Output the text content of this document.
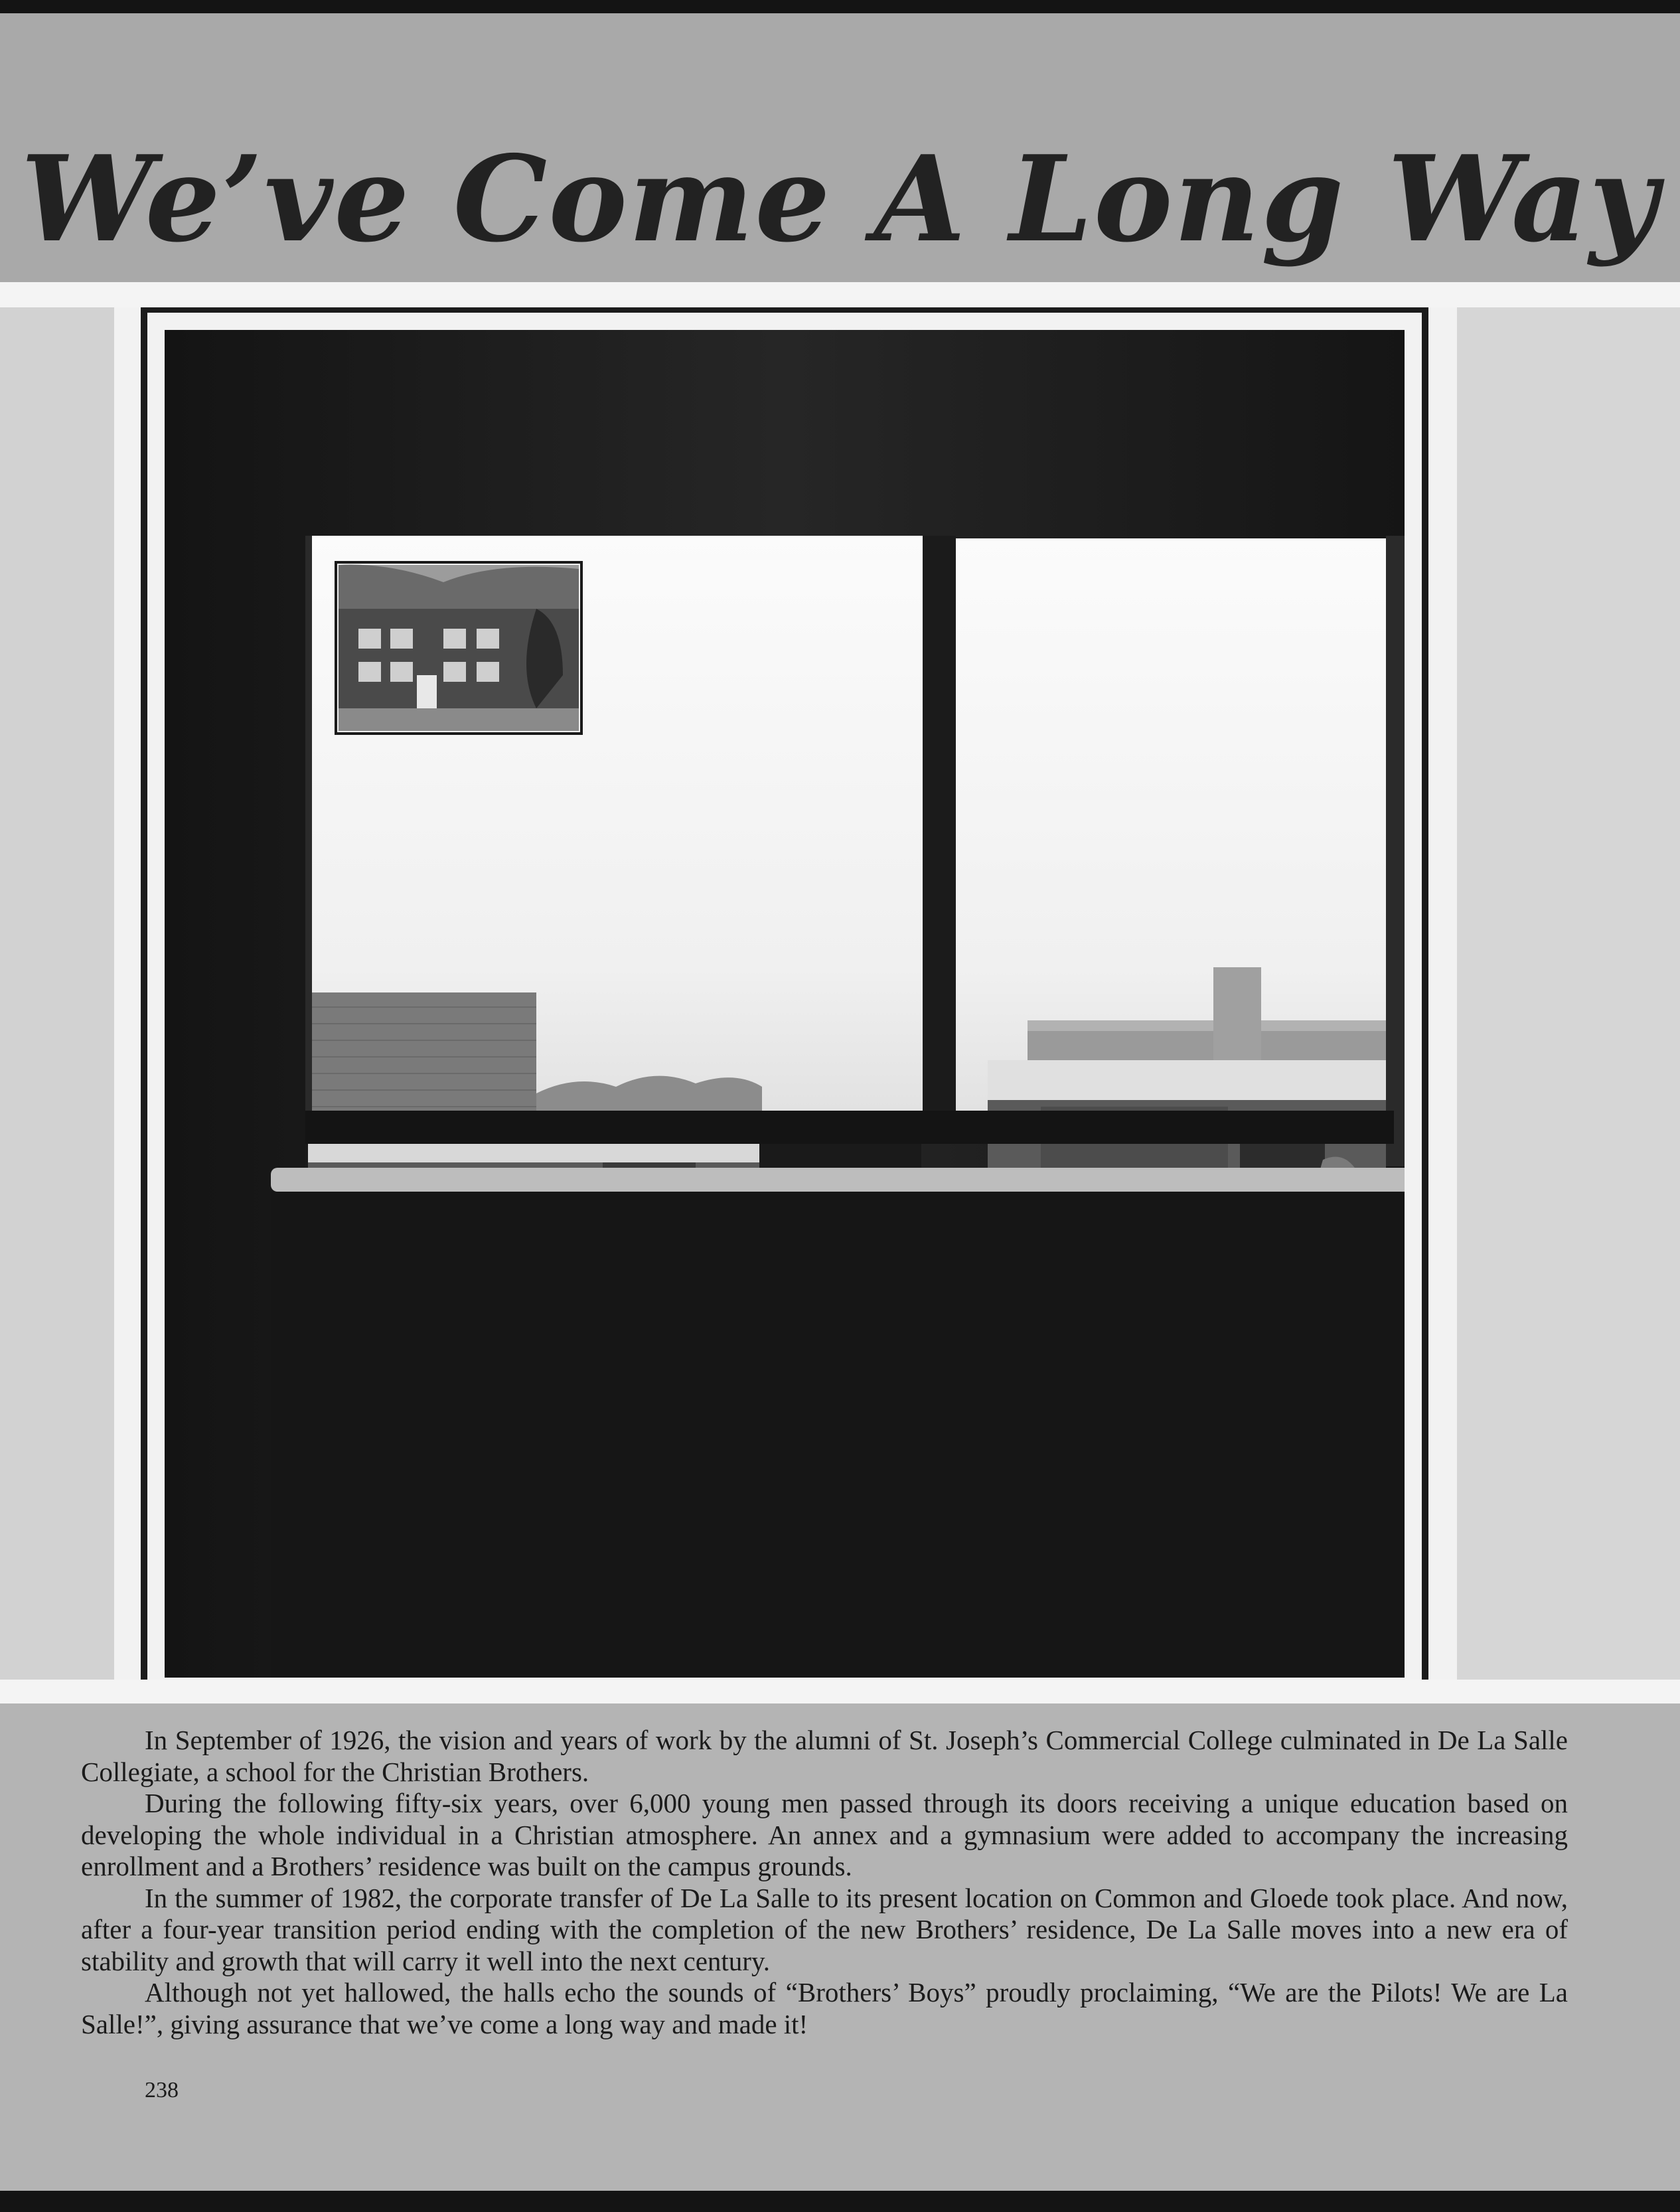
We’ve Come A Long Way

In September of 1926, the vision and years of work by the alumni of St. Joseph’s Commercial College culminated in De La Salle Collegiate, a school for the Christian Brothers.

During the following fifty-six years, over 6,000 young men passed through its doors receiving a unique education based on developing the whole individual in a Christian atmosphere. An annex and a gymnasium were added to accompany the increasing enrollment and a Brothers’ residence was built on the campus grounds.

In the summer of 1982, the corporate transfer of De La Salle to its present location on Common and Gloede took place. And now, after a four-year transition period ending with the completion of the new Brothers’ residence, De La Salle moves into a new era of stability and growth that will carry it well into the next century.

Although not yet hallowed, the halls echo the sounds of “Brothers’ Boys” proudly proclaiming, “We are the Pilots! We are La Salle!”, giving assurance that we’ve come a long way and made it!

238
